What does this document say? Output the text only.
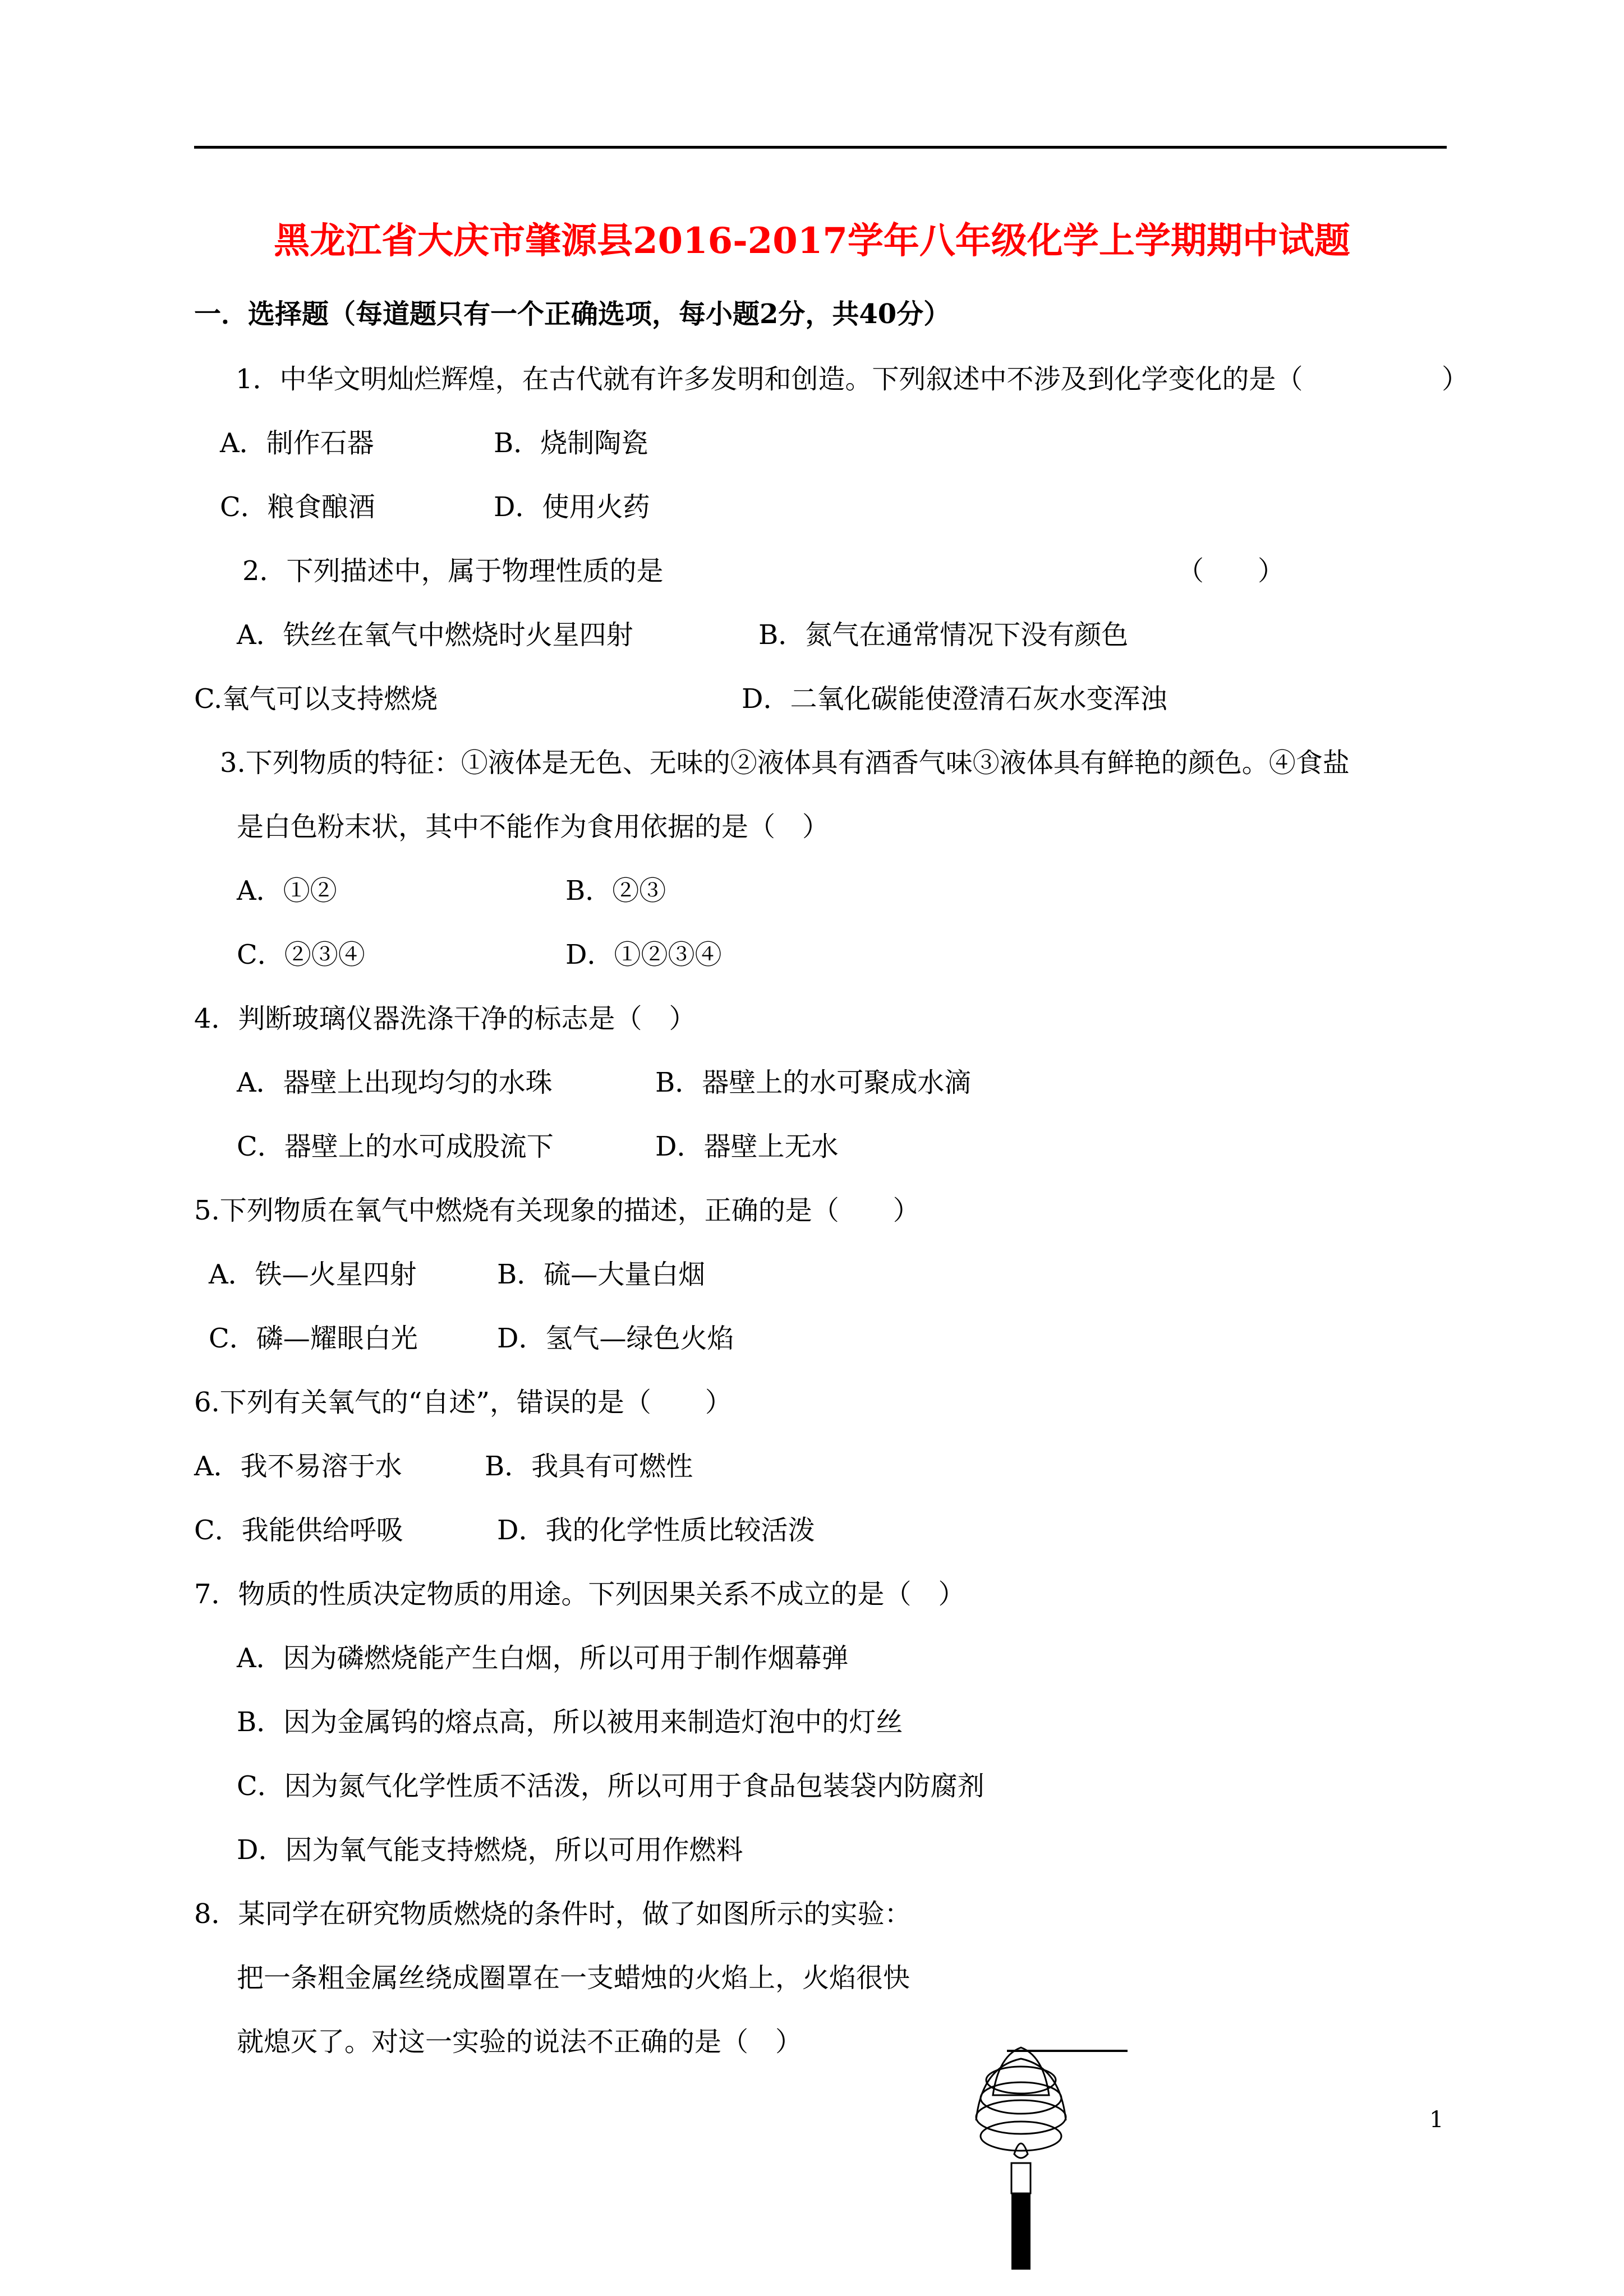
黑龙江省大庆市肇源县2016-2017学年八年级化学上学期期中试题
一．选择题（每道题只有一个正确选项，每小题2分，共40分）
1．中华文明灿烂辉煌，在古代就有许多发明和创造。下列叙述中不涉及到化学变化的是（	）
A．制作石器	B．烧制陶瓷
C．粮食酿酒	D．使用火药
2．下列描述中，属于物理性质的是	（　　）
A．铁丝在氧气中燃烧时火星四射	B．氮气在通常情况下没有颜色
C.氧气可以支持燃烧	D．二氧化碳能使澄清石灰水变浑浊
3.下列物质的特征：①液体是无色、无味的②液体具有酒香气味③液体具有鲜艳的颜色。④食盐
是白色粉末状，其中不能作为食用依据的是（　）
A．①②	B．②③
C．②③④	D．①②③④
4．判断玻璃仪器洗涤干净的标志是（　）
A．器壁上出现均匀的水珠	B．器壁上的水可聚成水滴
C．器壁上的水可成股流下	D．器壁上无水
5.下列物质在氧气中燃烧有关现象的描述，正确的是（　　）
A．铁—火星四射	B．硫—大量白烟
C．磷—耀眼白光	D．氢气—绿色火焰
6.下列有关氧气的“自述”，错误的是（　　）
A．我不易溶于水	B．我具有可燃性
C．我能供给呼吸	D．我的化学性质比较活泼
7．物质的性质决定物质的用途。下列因果关系不成立的是（　）
A．因为磷燃烧能产生白烟，所以可用于制作烟幕弹
B．因为金属钨的熔点高，所以被用来制造灯泡中的灯丝
C．因为氮气化学性质不活泼，所以可用于食品包装袋内防腐剂
D．因为氧气能支持燃烧，所以可用作燃料
8．某同学在研究物质燃烧的条件时，做了如图所示的实验：
把一条粗金属丝绕成圈罩在一支蜡烛的火焰上，火焰很快
就熄灭了。对这一实验的说法不正确的是（　）
1
